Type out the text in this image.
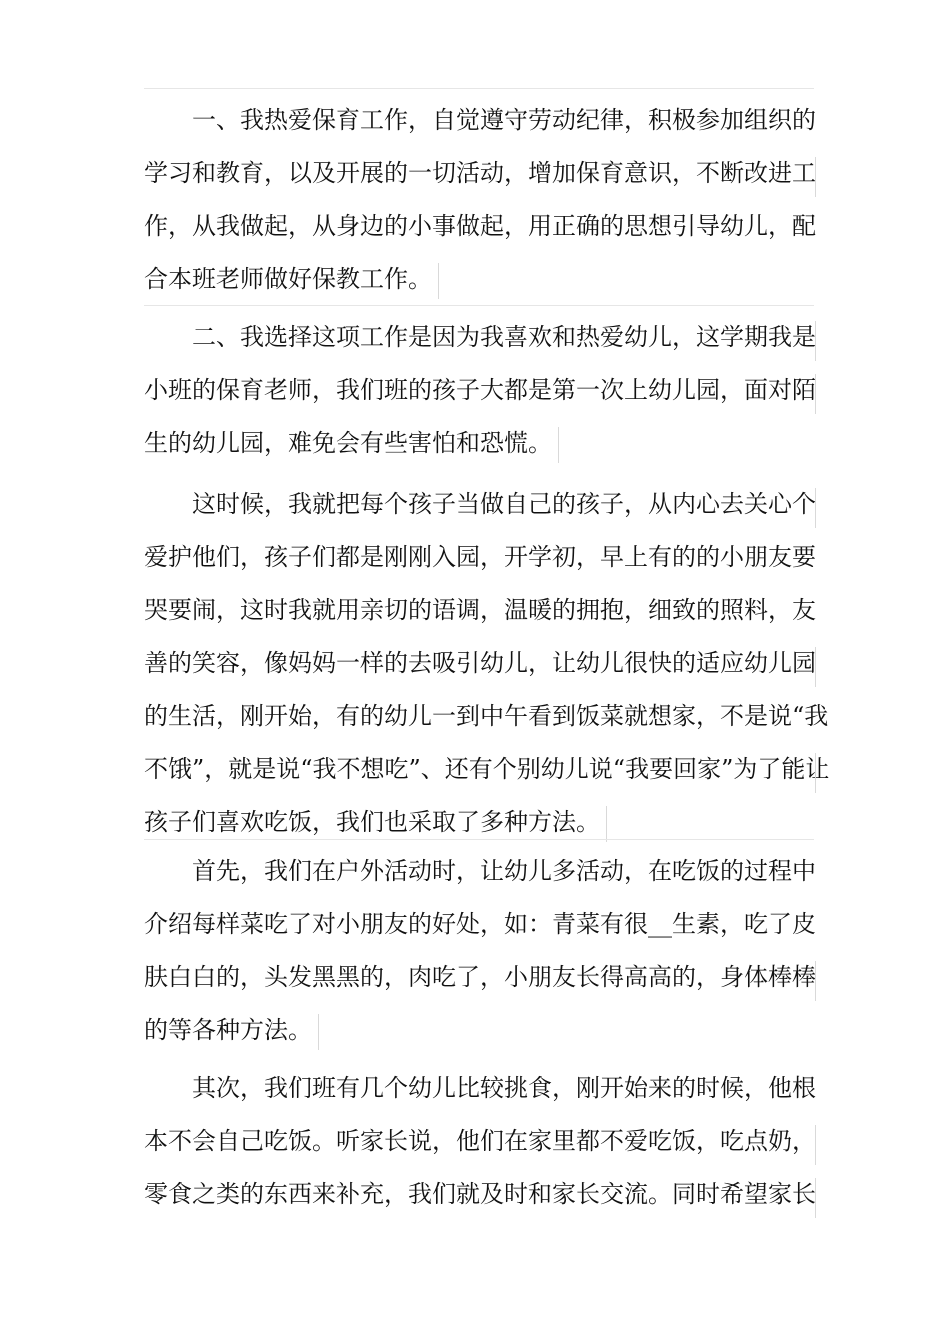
一、我热爱保育工作，自觉遵守劳动纪律，积极参加组织的
学习和教育，以及开展的一切活动，增加保育意识，不断改进工
作，从我做起，从身边的小事做起，用正确的思想引导幼儿，配
合本班老师做好保教工作。
二、我选择这项工作是因为我喜欢和热爱幼儿，这学期我是
小班的保育老师，我们班的孩子大都是第一次上幼儿园，面对陌
生的幼儿园，难免会有些害怕和恐慌。
这时候，我就把每个孩子当做自己的孩子，从内心去关心个
爱护他们，孩子们都是刚刚入园，开学初，早上有的的小朋友要
哭要闹，这时我就用亲切的语调，温暖的拥抱，细致的照料，友
善的笑容，像妈妈一样的去吸引幼儿，让幼儿很快的适应幼儿园
的生活，刚开始，有的幼儿一到中午看到饭菜就想家，不是说“我
不饿”，就是说“我不想吃”、还有个别幼儿说“我要回家”为了能让
孩子们喜欢吃饭，我们也采取了多种方法。
首先，我们在户外活动时，让幼儿多活动，在吃饭的过程中
介绍每样菜吃了对小朋友的好处，如：青菜有很__生素，吃了皮
肤白白的，头发黑黑的，肉吃了，小朋友长得高高的，身体棒棒
的等各种方法。
其次，我们班有几个幼儿比较挑食，刚开始来的时候，他根
本不会自己吃饭。听家长说，他们在家里都不爱吃饭，吃点奶，
零食之类的东西来补充，我们就及时和家长交流。同时希望家长
